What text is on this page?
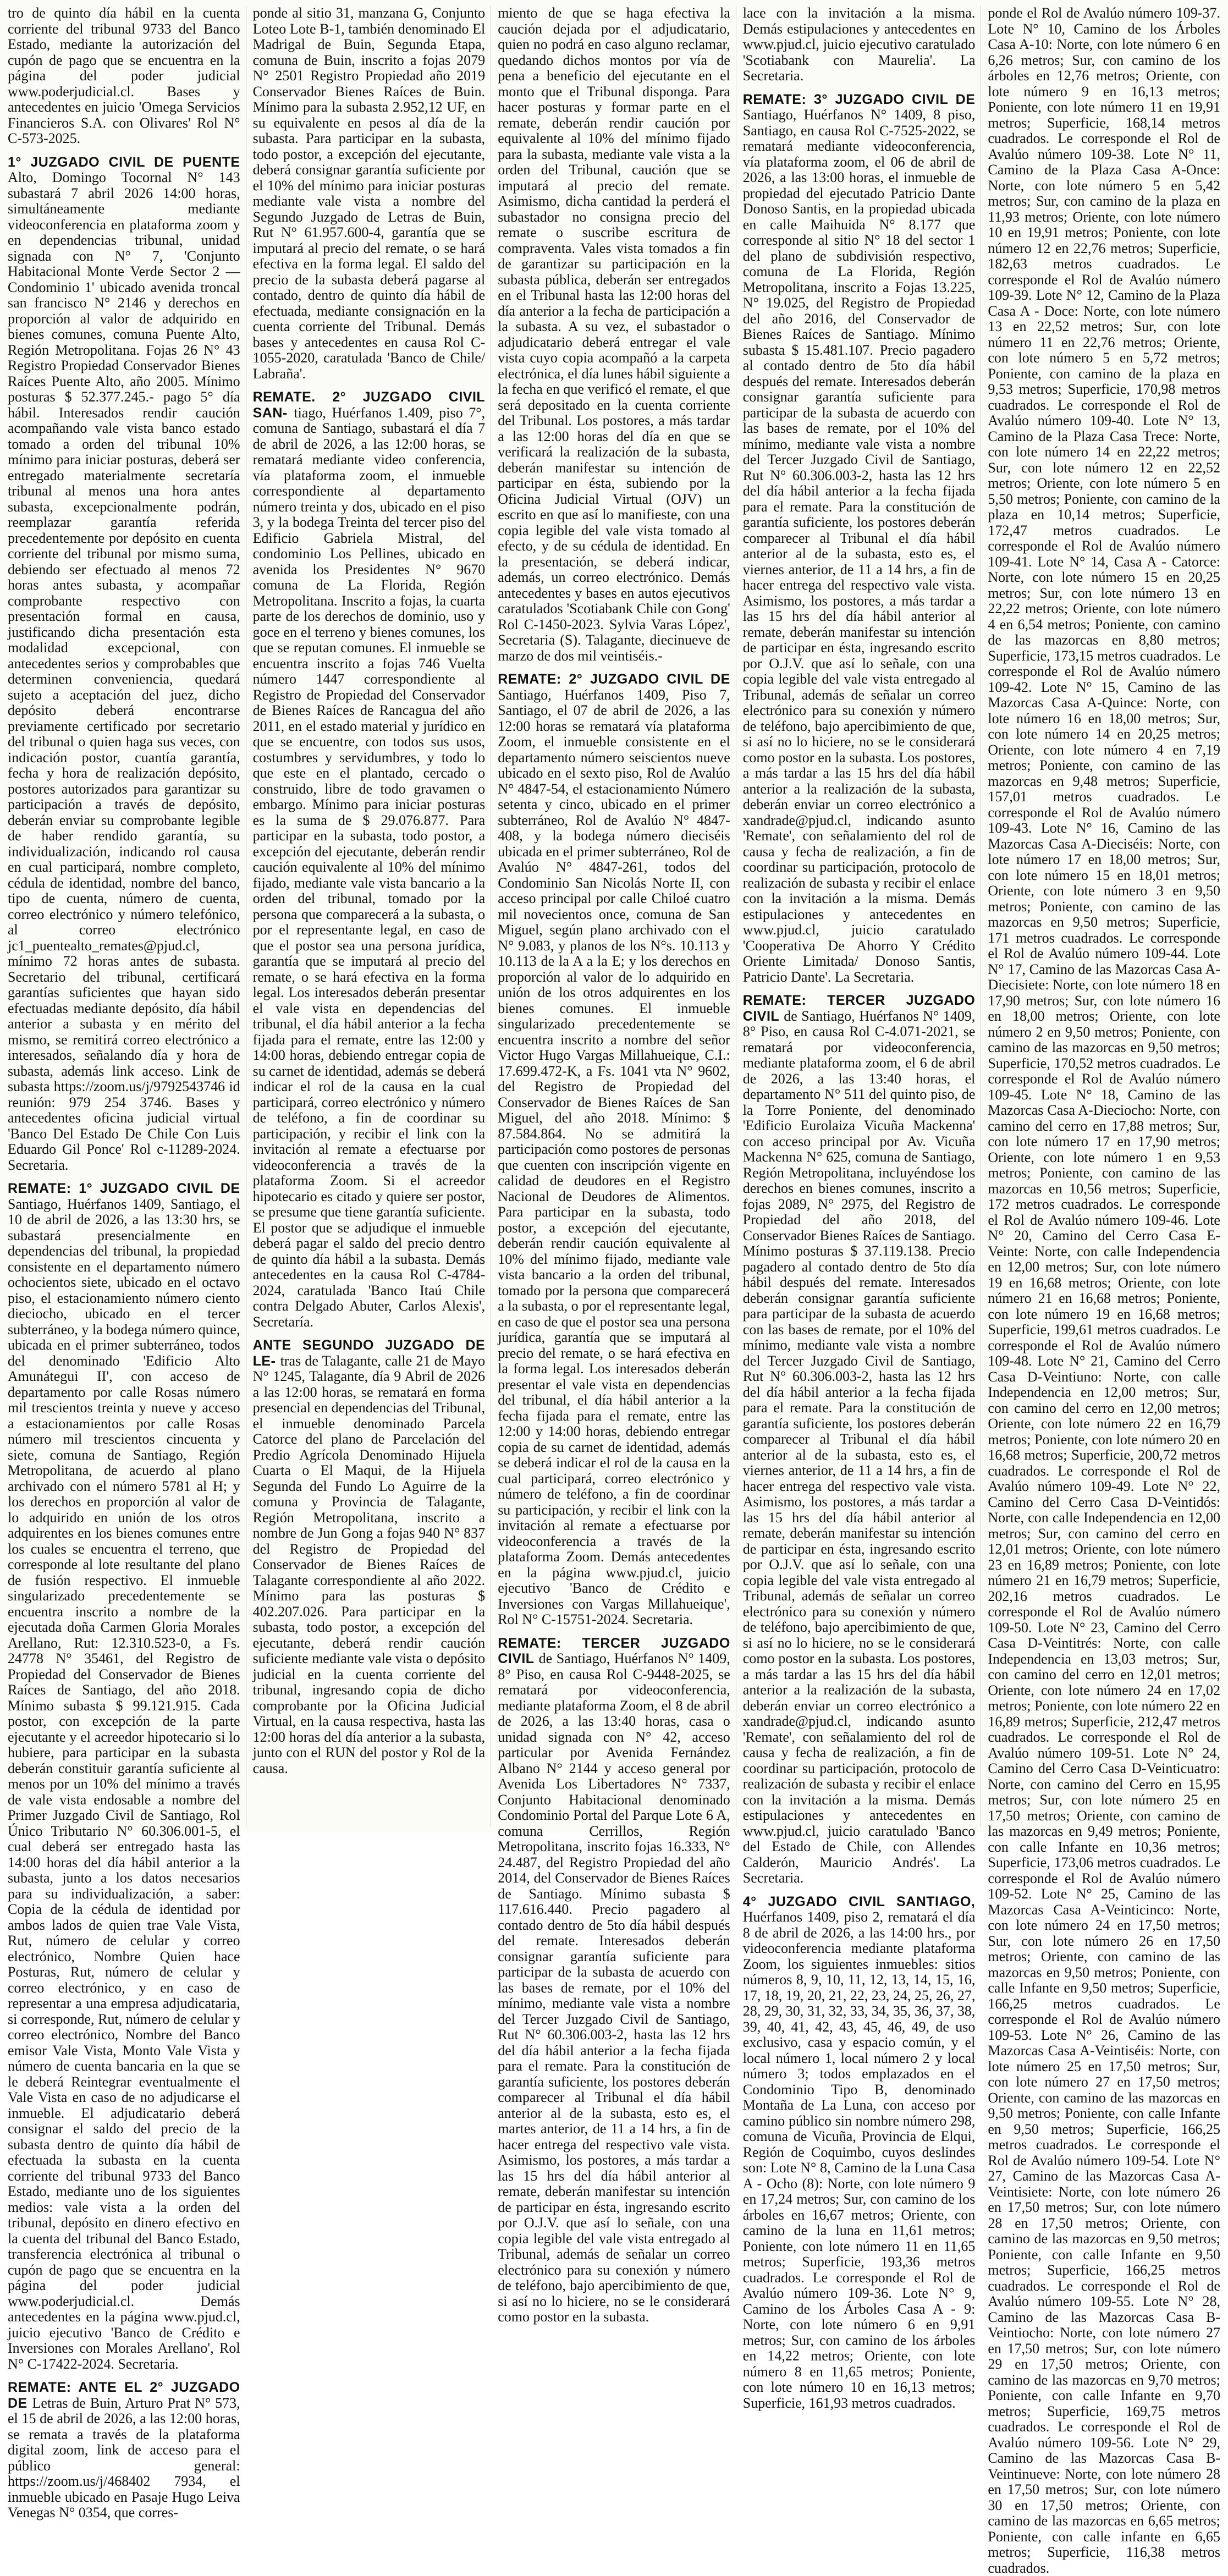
tro de quinto día hábil en la cuenta corriente del tribunal 9733 del Banco Estado, mediante la autorización del cupón de pago que se encuentra en la página del poder judicial www.poderjudicial.cl. Bases y antecedentes en juicio 'Omega Servicios Financieros S.A. con Olivares' Rol N° C-573-2025.

1° JUZGADO CIVIL DE PUENTEAlto, Domingo Tocornal N° 143 subastará 7 abril 2026 14:00 horas, simultáneamente mediante videoconferencia en plataforma zoom y en dependencias tribunal, unidad signada con N° 7, 'Conjunto Habitacional Monte Verde Sector 2 — Condominio 1' ubicado avenida troncal san francisco N° 2146 y derechos en proporción al valor de adquirido en bienes comunes, comuna Puente Alto, Región Metropolitana. Fojas 26 N° 43 Registro Propiedad Conservador Bienes Raíces Puente Alto, año 2005. Mínimo posturas $ 52.377.245.- pago 5° día hábil. Interesados rendir caución acompañando vale vista banco estado tomado a orden del tribunal 10% mínimo para iniciar posturas, deberá ser entregado materialmente secretaría tribunal al menos una hora antes subasta, excepcionalmente podrán, reemplazar garantía referida precedentemente por depósito en cuenta corriente del tribunal por mismo suma, debiendo ser efectuado al menos 72 horas antes subasta, y acompañar comprobante respectivo con presentación formal en causa, justificando dicha presentación esta modalidad excepcional, con antecedentes serios y comprobables que determinen conveniencia, quedará sujeto a aceptación del juez, dicho depósito deberá encontrarse previamente certificado por secretario del tribunal o quien haga sus veces, con indicación postor, cuantía garantía, fecha y hora de realización depósito, postores autorizados para garantizar su participación a través de depósito, deberán enviar su comprobante legible de haber rendido garantía, su individualización, indicando rol causa en cual participará, nombre completo, cédula de identidad, nombre del banco, tipo de cuenta, número de cuenta, correo electrónico y número telefónico, al correo electrónico jc1_puentealto_remates@pjud.cl, mínimo 72 horas antes de subasta. Secretario del tribunal, certificará garantías suficientes que hayan sido efectuadas mediante depósito, día hábil anterior a subasta y en mérito del mismo, se remitirá correo electrónico a interesados, señalando día y hora de subasta, además link acceso. Link de subasta https://zoom.us/j/9792543746 id reunión: 979 254 3746. Bases y antecedentes oficina judicial virtual 'Banco Del Estado De Chile Con Luis Eduardo Gil Ponce' Rol c-11289-2024. Secretaria.

REMATE: 1° JUZGADO CIVIL DESantiago, Huérfanos 1409, Santiago, el 10 de abril de 2026, a las 13:30 hrs, se subastará presencialmente en dependencias del tribunal, la propiedad consistente en el departamento número ochocientos siete, ubicado en el octavo piso, el estacionamiento número ciento dieciocho, ubicado en el tercer subterráneo, y la bodega número quince, ubicada en el primer subterráneo, todos del denominado 'Edificio Alto Amunátegui II', con acceso de departamento por calle Rosas número mil trescientos treinta y nueve y acceso a estacionamientos por calle Rosas número mil trescientos cincuenta y siete, comuna de Santiago, Región Metropolitana, de acuerdo al plano archivado con el número 5781 al H; y los derechos en proporción al valor de lo adquirido en unión de los otros adquirentes en los bienes comunes entre los cuales se encuentra el terreno, que corresponde al lote resultante del plano de fusión respectivo. El inmueble singularizado precedentemente se encuentra inscrito a nombre de la ejecutada doña Carmen Gloria Morales Arellano, Rut: 12.310.523-0, a Fs. 24778 N° 35461, del Registro de Propiedad del Conservador de Bienes Raíces de Santiago, del año 2018. Mínimo subasta $ 99.121.915. Cada postor, con excepción de la parte ejecutante y el acreedor hipotecario si lo hubiere, para participar en la subasta deberán constituir garantía suficiente al menos por un 10% del mínimo a través de vale vista endosable a nombre del Primer Juzgado Civil de Santiago, Rol Único Tributario N° 60.306.001-5, el cual deberá ser entregado hasta las 14:00 horas del día hábil anterior a la subasta, junto a los datos necesarios para su individualización, a saber: Copia de la cédula de identidad por ambos lados de quien trae Vale Vista, Rut, número de celular y correo electrónico, Nombre Quien hace Posturas, Rut, número de celular y correo electrónico, y en caso de representar a una empresa adjudicataria, si corresponde, Rut, número de celular y correo electrónico, Nombre del Banco emisor Vale Vista, Monto Vale Vista y número de cuenta bancaria en la que se le deberá Reintegrar eventualmente el Vale Vista en caso de no adjudicarse el inmueble. El adjudicatario deberá consignar el saldo del precio de la subasta dentro de quinto día hábil de efectuada la subasta en la cuenta corriente del tribunal 9733 del Banco Estado, mediante uno de los siguientes medios: vale vista a la orden del tribunal, depósito en dinero efectivo en la cuenta del tribunal del Banco Estado, transferencia electrónica al tribunal o cupón de pago que se encuentra en la página del poder judicial www.poderjudicial.cl. Demás antecedentes en la página www.pjud.cl, juicio ejecutivo 'Banco de Crédito e Inversiones con Morales Arellano', Rol N° C-17422-2024. Secretaria.

REMATE: ANTE EL 2° JUZGADO DE Letras de Buin, Arturo Prat N° 573, el 15 de abril de 2026, a las 12:00 horas, se remata a través de la plataforma digital zoom, link de acceso para el público general: https://zoom.us/j/468402 7934, el inmueble ubicado en Pasaje Hugo Leiva Venegas N° 0354, que corres-

ponde al sitio 31, manzana G, Conjunto Loteo Lote B-1, también denominado El Madrigal de Buin, Segunda Etapa, comuna de Buin, inscrito a fojas 2079 N° 2501 Registro Propiedad año 2019 Conservador Bienes Raíces de Buin. Mínimo para la subasta 2.952,12 UF, en su equivalente en pesos al día de la subasta. Para participar en la subasta, todo postor, a excepción del ejecutante, deberá consignar garantía suficiente por el 10% del mínimo para iniciar posturas mediante vale vista a nombre del Segundo Juzgado de Letras de Buin, Rut N° 61.957.600-4, garantía que se imputará al precio del remate, o se hará efectiva en la forma legal. El saldo del precio de la subasta deberá pagarse al contado, dentro de quinto día hábil de efectuada, mediante consignación en la cuenta corriente del Tribunal. Demás bases y antecedentes en causa Rol C-1055-2020, caratulada 'Banco de Chile/ Labraña'.

REMATE. 2° JUZGADO CIVIL SAN- tiago, Huérfanos 1.409, piso 7°, comuna de Santiago, subastará el día 7 de abril de 2026, a las 12:00 horas, se rematará mediante video conferencia, vía plataforma zoom, el inmueble correspondiente al departamento número treinta y dos, ubicado en el piso 3, y la bodega Treinta del tercer piso del Edificio Gabriela Mistral, del condominio Los Pellines, ubicado en avenida los Presidentes N° 9670 comuna de La Florida, Región Metropolitana. Inscrito a fojas, la cuarta parte de los derechos de dominio, uso y goce en el terreno y bienes comunes, los que se reputan comunes. El inmueble se encuentra inscrito a fojas 746 Vuelta número 1447 correspondiente al Registro de Propiedad del Conservador de Bienes Raíces de Rancagua del año 2011, en el estado material y jurídico en que se encuentre, con todos sus usos, costumbres y servidumbres, y todo lo que este en el plantado, cercado o construido, libre de todo gravamen o embargo. Mínimo para iniciar posturas es la suma de $ 29.076.877. Para participar en la subasta, todo postor, a excepción del ejecutante, deberán rendir caución equivalente al 10% del mínimo fijado, mediante vale vista bancario a la orden del tribunal, tomado por la persona que comparecerá a la subasta, o por el representante legal, en caso de que el postor sea una persona jurídica, garantía que se imputará al precio del remate, o se hará efectiva en la forma legal. Los interesados deberán presentar el vale vista en dependencias del tribunal, el día hábil anterior a la fecha fijada para el remate, entre las 12:00 y 14:00 horas, debiendo entregar copia de su carnet de identidad, además se deberá indicar el rol de la causa en la cual participará, correo electrónico y número de teléfono, a fin de coordinar su participación, y recibir el link con la invitación al remate a efectuarse por videoconferencia a través de la plataforma Zoom. Si el acreedor hipotecario es citado y quiere ser postor, se presume que tiene garantía suficiente. El postor que se adjudique el inmueble deberá pagar el saldo del precio dentro de quinto día hábil a la subasta. Demás antecedentes en la causa Rol C-4784-2024, caratulada 'Banco Itaú Chile contra Delgado Abuter, Carlos Alexis', Secretaría.

ANTE SEGUNDO JUZGADO DE LE- tras de Talagante, calle 21 de Mayo N° 1245, Talagante, día 9 Abril de 2026 a las 12:00 horas, se rematará en forma presencial en dependencias del Tribunal, el inmueble denominado Parcela Catorce del plano de Parcelación del Predio Agrícola Denominado Hijuela Cuarta o El Maqui, de la Hijuela Segunda del Fundo Lo Aguirre de la comuna y Provincia de Talagante, Región Metropolitana, inscrito a nombre de Jun Gong a fojas 940 N° 837 del Registro de Propiedad del Conservador de Bienes Raíces de Talagante correspondiente al año 2022. Mínimo para las posturas $ 402.207.026. Para participar en la subasta, todo postor, a excepción del ejecutante, deberá rendir caución suficiente mediante vale vista o depósito judicial en la cuenta corriente del tribunal, ingresando copia de dicho comprobante por la Oficina Judicial Virtual, en la causa respectiva, hasta las 12:00 horas del día anterior a la subasta, junto con el RUN del postor y Rol de la causa.

miento de que se haga efectiva la caución dejada por el adjudicatario, quien no podrá en caso alguno reclamar, quedando dichos montos por vía de pena a beneficio del ejecutante en el monto que el Tribunal disponga. Para hacer posturas y formar parte en el remate, deberán rendir caución por equivalente al 10% del mínimo fijado para la subasta, mediante vale vista a la orden del Tribunal, caución que se imputará al precio del remate. Asimismo, dicha cantidad la perderá el subastador no consigna precio del remate o suscribe escritura de compraventa. Vales vista tomados a fin de garantizar su participación en la subasta pública, deberán ser entregados en el Tribunal hasta las 12:00 horas del día anterior a la fecha de participación a la subasta. A su vez, el subastador o adjudicatario deberá entregar el vale vista cuyo copia acompañó a la carpeta electrónica, el día lunes hábil siguiente a la fecha en que verificó el remate, el que será depositado en la cuenta corriente del Tribunal. Los postores, a más tardar a las 12:00 horas del día en que se verificará la realización de la subasta, deberán manifestar su intención de participar en ésta, subiendo por la Oficina Judicial Virtual (OJV) un escrito en que así lo manifieste, con una copia legible del vale vista tomado al efecto, y de su cédula de identidad. En la presentación, se deberá indicar, además, un correo electrónico. Demás antecedentes y bases en autos ejecutivos caratulados 'Scotiabank Chile con Gong' Rol C-1450-2023. Sylvia Varas López', Secretaria (S). Talagante, diecinueve de marzo de dos mil veintiséis.-

REMATE: 2° JUZGADO CIVIL DESantiago, Huérfanos 1409, Piso 7, Santiago, el 07 de abril de 2026, a las 12:00 horas se rematará vía plataforma Zoom, el inmueble consistente en el departamento número seiscientos nueve ubicado en el sexto piso, Rol de Avalúo N° 4847-54, el estacionamiento Número setenta y cinco, ubicado en el primer subterráneo, Rol de Avalúo N° 4847-408, y la bodega número dieciséis ubicada en el primer subterráneo, Rol de Avalúo N° 4847-261, todos del Condominio San Nicolás Norte II, con acceso principal por calle Chiloé cuatro mil novecientos once, comuna de San Miguel, según plano archivado con el N° 9.083, y planos de los N°s. 10.113 y 10.113 de la A a la E; y los derechos en proporción al valor de lo adquirido en unión de los otros adquirentes en los bienes comunes. El inmueble singularizado precedentemente se encuentra inscrito a nombre del señor Victor Hugo Vargas Millahueique, C.I.: 17.699.472-K, a Fs. 1041 vta N° 9602, del Registro de Propiedad del Conservador de Bienes Raíces de San Miguel, del año 2018. Mínimo: $ 87.584.864. No se admitirá la participación como postores de personas que cuenten con inscripción vigente en calidad de deudores en el Registro Nacional de Deudores de Alimentos. Para participar en la subasta, todo postor, a excepción del ejecutante, deberán rendir caución equivalente al 10% del mínimo fijado, mediante vale vista bancario a la orden del tribunal, tomado por la persona que comparecerá a la subasta, o por el representante legal, en caso de que el postor sea una persona jurídica, garantía que se imputará al precio del remate, o se hará efectiva en la forma legal. Los interesados deberán presentar el vale vista en dependencias del tribunal, el día hábil anterior a la fecha fijada para el remate, entre las 12:00 y 14:00 horas, debiendo entregar copia de su carnet de identidad, además se deberá indicar el rol de la causa en la cual participará, correo electrónico y número de teléfono, a fin de coordinar su participación, y recibir el link con la invitación al remate a efectuarse por videoconferencia a través de la plataforma Zoom. Demás antecedentes en la página www.pjud.cl, juicio ejecutivo 'Banco de Crédito e Inversiones con Vargas Millahueique', Rol N° C-15751-2024. Secretaria.

REMATE: TERCER JUZGADO CIVIL de Santiago, Huérfanos N° 1409, 8° Piso, en causa Rol C-9448-2025, se rematará por videoconferencia, mediante plataforma Zoom, el 8 de abril de 2026, a las 13:40 horas, casa o unidad signada con N° 42, acceso particular por Avenida Fernández Albano N° 2144 y acceso general por Avenida Los Libertadores N° 7337, Conjunto Habitacional denominado Condominio Portal del Parque Lote 6 A, comuna Cerrillos, Región Metropolitana, inscrito fojas 16.333, N° 24.487, del Registro Propiedad del año 2014, del Conservador de Bienes Raíces de Santiago. Mínimo subasta $ 117.616.440. Precio pagadero al contado dentro de 5to día hábil después del remate. Interesados deberán consignar garantía suficiente para participar de la subasta de acuerdo con las bases de remate, por el 10% del mínimo, mediante vale vista a nombre del Tercer Juzgado Civil de Santiago, Rut N° 60.306.003-2, hasta las 12 hrs del día hábil anterior a la fecha fijada para el remate. Para la constitución de garantía suficiente, los postores deberán comparecer al Tribunal el día hábil anterior al de la subasta, esto es, el martes anterior, de 11 a 14 hrs, a fin de hacer entrega del respectivo vale vista. Asimismo, los postores, a más tardar a las 15 hrs del día hábil anterior al remate, deberán manifestar su intención de participar en ésta, ingresando escrito por O.J.V. que así lo señale, con una copia legible del vale vista entregado al Tribunal, además de señalar un correo electrónico para su conexión y número de teléfono, bajo apercibimiento de que, si así no lo hiciere, no se le considerará como postor en la subasta.

lace con la invitación a la misma. Demás estipulaciones y antecedentes en www.pjud.cl, juicio ejecutivo caratulado 'Scotiabank con Maurelia'. La Secretaria.

REMATE: 3° JUZGADO CIVIL DESantiago, Huérfanos N° 1409, 8 piso, Santiago, en causa Rol C-7525-2022, se rematará mediante videoconferencia, vía plataforma zoom, el 06 de abril de 2026, a las 13:00 horas, el inmueble de propiedad del ejecutado Patricio Dante Donoso Santis, en la propiedad ubicada en calle Maihuida N° 8.177 que corresponde al sitio N° 18 del sector 1 del plano de subdivisión respectivo, comuna de La Florida, Región Metropolitana, inscrito a Fojas 13.225, N° 19.025, del Registro de Propiedad del año 2016, del Conservador de Bienes Raíces de Santiago. Mínimo subasta $ 15.481.107. Precio pagadero al contado dentro de 5to día hábil después del remate. Interesados deberán consignar garantía suficiente para participar de la subasta de acuerdo con las bases de remate, por el 10% del mínimo, mediante vale vista a nombre del Tercer Juzgado Civil de Santiago, Rut N° 60.306.003-2, hasta las 12 hrs del día hábil anterior a la fecha fijada para el remate. Para la constitución de garantía suficiente, los postores deberán comparecer al Tribunal el día hábil anterior al de la subasta, esto es, el viernes anterior, de 11 a 14 hrs, a fin de hacer entrega del respectivo vale vista. Asimismo, los postores, a más tardar a las 15 hrs del día hábil anterior al remate, deberán manifestar su intención de participar en ésta, ingresando escrito por O.J.V. que así lo señale, con una copia legible del vale vista entregado al Tribunal, además de señalar un correo electrónico para su conexión y número de teléfono, bajo apercibimiento de que, si así no lo hiciere, no se le considerará como postor en la subasta. Los postores, a más tardar a las 15 hrs del día hábil anterior a la realización de la subasta, deberán enviar un correo electrónico a xandrade@pjud.cl, indicando asunto 'Remate', con señalamiento del rol de causa y fecha de realización, a fin de coordinar su participación, protocolo de realización de subasta y recibir el enlace con la invitación a la misma. Demás estipulaciones y antecedentes en www.pjud.cl, juicio caratulado 'Cooperativa De Ahorro Y Crédito Oriente Limitada/ Donoso Santis, Patricio Dante'. La Secretaria.

REMATE: TERCER JUZGADO CIVIL de Santiago, Huérfanos N° 1409, 8° Piso, en causa Rol C-4.071-2021, se rematará por videoconferencia, mediante plataforma zoom, el 6 de abril de 2026, a las 13:40 horas, el departamento N° 511 del quinto piso, de la Torre Poniente, del denominado 'Edificio Eurolaiza Vicuña Mackenna' con acceso principal por Av. Vicuña Mackenna N° 625, comuna de Santiago, Región Metropolitana, incluyéndose los derechos en bienes comunes, inscrito a fojas 2089, N° 2975, del Registro de Propiedad del año 2018, del Conservador Bienes Raíces de Santiago. Mínimo posturas $ 37.119.138. Precio pagadero al contado dentro de 5to día hábil después del remate. Interesados deberán consignar garantía suficiente para participar de la subasta de acuerdo con las bases de remate, por el 10% del mínimo, mediante vale vista a nombre del Tercer Juzgado Civil de Santiago, Rut N° 60.306.003-2, hasta las 12 hrs del día hábil anterior a la fecha fijada para el remate. Para la constitución de garantía suficiente, los postores deberán comparecer al Tribunal el día hábil anterior al de la subasta, esto es, el viernes anterior, de 11 a 14 hrs, a fin de hacer entrega del respectivo vale vista. Asimismo, los postores, a más tardar a las 15 hrs del día hábil anterior al remate, deberán manifestar su intención de participar en ésta, ingresando escrito por O.J.V. que así lo señale, con una copia legible del vale vista entregado al Tribunal, además de señalar un correo electrónico para su conexión y número de teléfono, bajo apercibimiento de que, si así no lo hiciere, no se le considerará como postor en la subasta. Los postores, a más tardar a las 15 hrs del día hábil anterior a la realización de la subasta, deberán enviar un correo electrónico a xandrade@pjud.cl, indicando asunto 'Remate', con señalamiento del rol de causa y fecha de realización, a fin de coordinar su participación, protocolo de realización de subasta y recibir el enlace con la invitación a la misma. Demás estipulaciones y antecedentes en www.pjud.cl, juicio caratulado 'Banco del Estado de Chile, con Allendes Calderón, Mauricio Andrés'. La Secretaria.

4° JUZGADO CIVIL SANTIAGO,Huérfanos 1409, piso 2, rematará el día 8 de abril de 2026, a las 14:00 hrs., por videoconferencia mediante plataforma Zoom, los siguientes inmuebles: sitios números 8, 9, 10, 11, 12, 13, 14, 15, 16, 17, 18, 19, 20, 21, 22, 23, 24, 25, 26, 27, 28, 29, 30, 31, 32, 33, 34, 35, 36, 37, 38, 39, 40, 41, 42, 43, 45, 46, 49, de uso exclusivo, casa y espacio común, y el local número 1, local número 2 y local número 3; todos emplazados en el Condominio Tipo B, denominado Montaña de La Luna, con acceso por camino público sin nombre número 298, comuna de Vicuña, Provincia de Elqui, Región de Coquimbo, cuyos deslindes son: Lote N° 8, Camino de la Luna Casa A - Ocho (8): Norte, con lote número 9 en 17,24 metros; Sur, con camino de los árboles en 16,67 metros; Oriente, con camino de la luna en 11,61 metros; Poniente, con lote número 11 en 11,65 metros; Superficie, 193,36 metros cuadrados. Le corresponde el Rol de Avalúo número 109-36. Lote N° 9, Camino de los Árboles Casa A - 9: Norte, con lote número 6 en 9,91 metros; Sur, con camino de los árboles en 14,22 metros; Oriente, con lote número 8 en 11,65 metros; Poniente, con lote número 10 en 16,13 metros; Superficie, 161,93 metros cuadrados.

ponde el Rol de Avalúo número 109-37. Lote N° 10, Camino de los Árboles Casa A-10: Norte, con lote número 6 en 6,26 metros; Sur, con camino de los árboles en 12,76 metros; Oriente, con lote número 9 en 16,13 metros; Poniente, con lote número 11 en 19,91 metros; Superficie, 168,14 metros cuadrados. Le corresponde el Rol de Avalúo número 109-38. Lote N° 11, Camino de la Plaza Casa A-Once: Norte, con lote número 5 en 5,42 metros; Sur, con camino de la plaza en 11,93 metros; Oriente, con lote número 10 en 19,91 metros; Poniente, con lote número 12 en 22,76 metros; Superficie, 182,63 metros cuadrados. Le corresponde el Rol de Avalúo número 109-39. Lote N° 12, Camino de la Plaza Casa A - Doce: Norte, con lote número 13 en 22,52 metros; Sur, con lote número 11 en 22,76 metros; Oriente, con lote número 5 en 5,72 metros; Poniente, con camino de la plaza en 9,53 metros; Superficie, 170,98 metros cuadrados. Le corresponde el Rol de Avalúo número 109-40. Lote N° 13, Camino de la Plaza Casa Trece: Norte, con lote número 14 en 22,22 metros; Sur, con lote número 12 en 22,52 metros; Oriente, con lote número 5 en 5,50 metros; Poniente, con camino de la plaza en 10,14 metros; Superficie, 172,47 metros cuadrados. Le corresponde el Rol de Avalúo número 109-41. Lote N° 14, Casa A - Catorce: Norte, con lote número 15 en 20,25 metros; Sur, con lote número 13 en 22,22 metros; Oriente, con lote número 4 en 6,54 metros; Poniente, con camino de las mazorcas en 8,80 metros; Superficie, 173,15 metros cuadrados. Le corresponde el Rol de Avalúo número 109-42. Lote N° 15, Camino de las Mazorcas Casa A-Quince: Norte, con lote número 16 en 18,00 metros; Sur, con lote número 14 en 20,25 metros; Oriente, con lote número 4 en 7,19 metros; Poniente, con camino de las mazorcas en 9,48 metros; Superficie, 157,01 metros cuadrados. Le corresponde el Rol de Avalúo número 109-43. Lote N° 16, Camino de las Mazorcas Casa A-Dieciséis: Norte, con lote número 17 en 18,00 metros; Sur, con lote número 15 en 18,01 metros; Oriente, con lote número 3 en 9,50 metros; Poniente, con camino de las mazorcas en 9,50 metros; Superficie, 171 metros cuadrados. Le corresponde el Rol de Avalúo número 109-44. Lote N° 17, Camino de las Mazorcas Casa A-Diecisiete: Norte, con lote número 18 en 17,90 metros; Sur, con lote número 16 en 18,00 metros; Oriente, con lote número 2 en 9,50 metros; Poniente, con camino de las mazorcas en 9,50 metros; Superficie, 170,52 metros cuadrados. Le corresponde el Rol de Avalúo número 109-45. Lote N° 18, Camino de las Mazorcas Casa A-Dieciocho: Norte, con camino del cerro en 17,88 metros; Sur, con lote número 17 en 17,90 metros; Oriente, con lote número 1 en 9,53 metros; Poniente, con camino de las mazorcas en 10,56 metros; Superficie, 172 metros cuadrados. Le corresponde el Rol de Avalúo número 109-46. Lote N° 20, Camino del Cerro Casa E-Veinte: Norte, con calle Independencia en 12,00 metros; Sur, con lote número 19 en 16,68 metros; Oriente, con lote número 21 en 16,68 metros; Poniente, con lote número 19 en 16,68 metros; Superficie, 199,61 metros cuadrados. Le corresponde el Rol de Avalúo número 109-48. Lote N° 21, Camino del Cerro Casa D-Veintiuno: Norte, con calle Independencia en 12,00 metros; Sur, con camino del cerro en 12,00 metros; Oriente, con lote número 22 en 16,79 metros; Poniente, con lote número 20 en 16,68 metros; Superficie, 200,72 metros cuadrados. Le corresponde el Rol de Avalúo número 109-49. Lote N° 22, Camino del Cerro Casa D-Veintidós: Norte, con calle Independencia en 12,00 metros; Sur, con camino del cerro en 12,01 metros; Oriente, con lote número 23 en 16,89 metros; Poniente, con lote número 21 en 16,79 metros; Superficie, 202,16 metros cuadrados. Le corresponde el Rol de Avalúo número 109-50. Lote N° 23, Camino del Cerro Casa D-Veintitrés: Norte, con calle Independencia en 13,03 metros; Sur, con camino del cerro en 12,01 metros; Oriente, con lote número 24 en 17,02 metros; Poniente, con lote número 22 en 16,89 metros; Superficie, 212,47 metros cuadrados. Le corresponde el Rol de Avalúo número 109-51. Lote N° 24, Camino del Cerro Casa D-Veinticuatro: Norte, con camino del Cerro en 15,95 metros; Sur, con lote número 25 en 17,50 metros; Oriente, con camino de las mazorcas en 9,49 metros; Poniente, con calle Infante en 10,36 metros; Superficie, 173,06 metros cuadrados. Le corresponde el Rol de Avalúo número 109-52. Lote N° 25, Camino de las Mazorcas Casa A-Veinticinco: Norte, con lote número 24 en 17,50 metros; Sur, con lote número 26 en 17,50 metros; Oriente, con camino de las mazorcas en 9,50 metros; Poniente, con calle Infante en 9,50 metros; Superficie, 166,25 metros cuadrados. Le corresponde el Rol de Avalúo número 109-53. Lote N° 26, Camino de las Mazorcas Casa A-Veintiséis: Norte, con lote número 25 en 17,50 metros; Sur, con lote número 27 en 17,50 metros; Oriente, con camino de las mazorcas en 9,50 metros; Poniente, con calle Infante en 9,50 metros; Superficie, 166,25 metros cuadrados. Le corresponde el Rol de Avalúo número 109-54. Lote N° 27, Camino de las Mazorcas Casa A-Veintisiete: Norte, con lote número 26 en 17,50 metros; Sur, con lote número 28 en 17,50 metros; Oriente, con camino de las mazorcas en 9,50 metros; Poniente, con calle Infante en 9,50 metros; Superficie, 166,25 metros cuadrados. Le corresponde el Rol de Avalúo número 109-55. Lote N° 28, Camino de las Mazorcas Casa B-Veintiocho: Norte, con lote número 27 en 17,50 metros; Sur, con lote número 29 en 17,50 metros; Oriente, con camino de las mazorcas en 9,70 metros; Poniente, con calle Infante en 9,70 metros; Superficie, 169,75 metros cuadrados. Le corresponde el Rol de Avalúo número 109-56. Lote N° 29, Camino de las Mazorcas Casa B-Veintinueve: Norte, con lote número 28 en 17,50 metros; Sur, con lote número 30 en 17,50 metros; Oriente, con camino de las mazorcas en 6,65 metros; Poniente, con calle infante en 6,65 metros; Superficie, 116,38 metros cuadrados.
